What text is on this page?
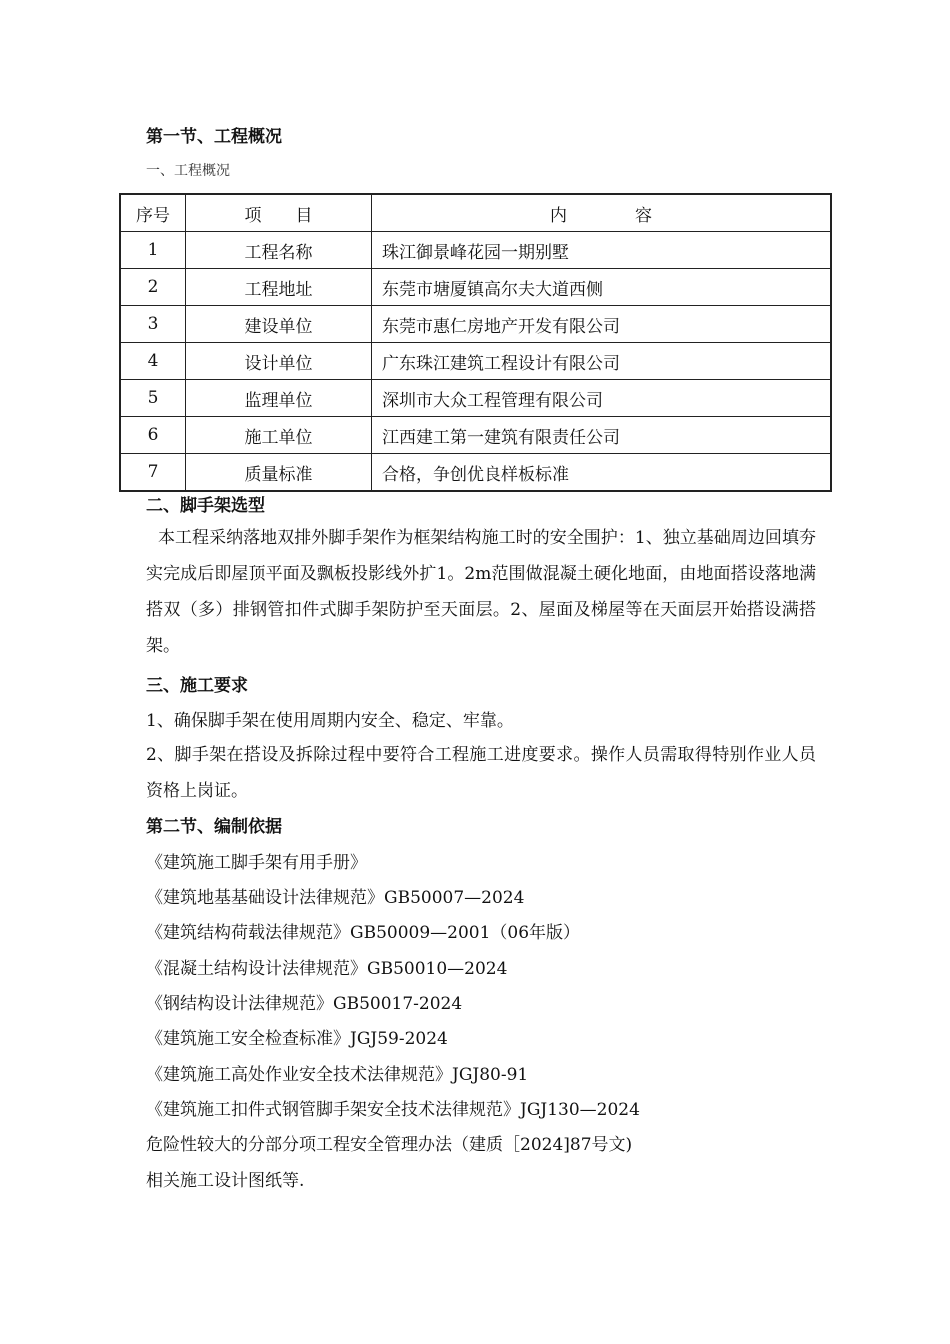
第一节、工程概况
一、工程概况
序号	项　　目	内　　　　容
1	工程名称	珠江御景峰花园一期别墅
2	工程地址	东莞市塘厦镇高尔夫大道西侧
3	建设单位	东莞市惠仁房地产开发有限公司
4	设计单位	广东珠江建筑工程设计有限公司
5	监理单位	深圳市大众工程管理有限公司
6	施工单位	江西建工第一建筑有限责任公司
7	质量标准	合格，争创优良样板标准
二、脚手架选型
本工程采纳落地双排外脚手架作为框架结构施工时的安全围护：1、独立基础周边回填夯实完成后即屋顶平面及飘板投影线外扩1。2m范围做混凝土硬化地面，由地面搭设落地满搭双（多）排钢管扣件式脚手架防护至天面层。2、屋面及梯屋等在天面层开始搭设满搭架。
三、施工要求
1、确保脚手架在使用周期内安全、稳定、牢靠。
2、脚手架在搭设及拆除过程中要符合工程施工进度要求。操作人员需取得特别作业人员资格上岗证。
第二节、编制依据
《建筑施工脚手架有用手册》
《建筑地基基础设计法律规范》GB50007—2024
《建筑结构荷载法律规范》GB50009—2001（06年版）
《混凝土结构设计法律规范》GB50010—2024
《钢结构设计法律规范》GB50017-2024
《建筑施工安全检查标准》JGJ59-2024
《建筑施工高处作业安全技术法律规范》JGJ80-91
《建筑施工扣件式钢管脚手架安全技术法律规范》JGJ130—2024
危险性较大的分部分项工程安全管理办法（建质［2024]87号文)
相关施工设计图纸等.
